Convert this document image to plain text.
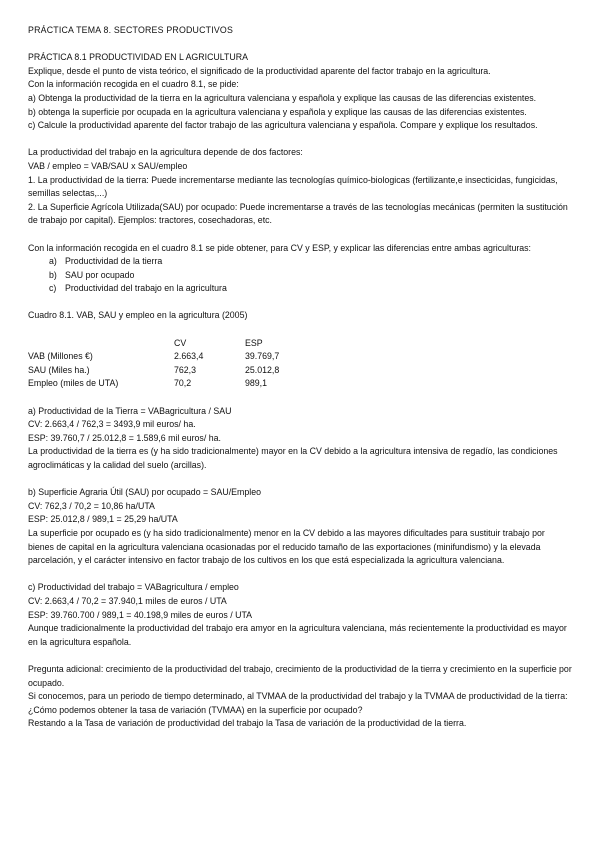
PRÁCTICA TEMA 8. SECTORES PRODUCTIVOS

PRÁCTICA 8.1 PRODUCTIVIDAD EN L AGRICULTURA

Explique, desde el punto de vista teórico, el significado de la productividad aparente del factor trabajo en la agricultura.

Con la información recogida en el cuadro 8.1, se pide:

a) Obtenga la productividad de la tierra en la agricultura valenciana y española y explique las causas de las diferencias existentes.

b) obtenga la superficie por ocupada en la agricultura valenciana y española y explique las causas de las diferencias existentes.

c) Calcule la productividad aparente del factor trabajo de las agricultura valenciana y española. Compare y explique los resultados.

La productividad del trabajo en la agricultura depende de dos factores:

VAB / empleo = VAB/SAU x SAU/empleo

1. La productividad de la tierra: Puede incrementarse mediante las tecnologías químico-biologicas (fertilizante,e insecticidas, fungicidas, semillas selectas,...)

2. La Superficie Agrícola Utilizada(SAU) por ocupado: Puede incrementarse a través de las tecnologías mecánicas (permiten la sustitución de trabajo por capital). Ejemplos: tractores, cosechadoras, etc.

Con la información recogida en el cuadro 8.1 se pide obtener, para CV y ESP, y explicar las diferencias entre ambas agriculturas:

a) Productividad de la tierra
b) SAU por ocupado
c) Productividad del trabajo en la agricultura

Cuadro 8.1. VAB, SAU y empleo en la agricultura (2005)

	CV	ESP
VAB (Millones €)	2.663,4	39.769,7
SAU (Miles ha.)	762,3	25.012,8
Empleo (miles de UTA)	70,2	989,1

a) Productividad de la Tierra = VABagricultura / SAU

CV: 2.663,4 / 762,3 = 3493,9 mil euros/ ha.

ESP: 39.760,7 / 25.012,8 = 1.589,6 mil euros/ ha.

La productividad de la tierra es (y ha sido tradicionalmente) mayor en la CV debido a la agricultura intensiva de regadío, las condiciones agroclimáticas y la calidad del suelo (arcillas).

b) Superficie Agraria Útil (SAU) por ocupado = SAU/Empleo

CV: 762,3 / 70,2 = 10,86 ha/UTA

ESP: 25.012,8 / 989,1 = 25,29 ha/UTA

La superficie por ocupado es (y ha sido tradicionalmente) menor en la CV debido a las mayores dificultades para sustituir trabajo por bienes de capital en la agricultura valenciana ocasionadas por el reducido tamaño de las exportaciones (minifundismo) y la elevada parcelación, y el carácter intensivo en factor trabajo de los cultivos en los que está especializada la agricultura valenciana.

c) Productividad del trabajo = VABagricultura / empleo

CV: 2.663,4 / 70,2 = 37.940,1 miles de euros / UTA

ESP: 39.760.700 / 989,1 = 40.198,9 miles de euros / UTA

Aunque tradicionalmente la productividad del trabajo era amyor en la agricultura valenciana, más recientemente la productividad es mayor en la agricultura española.

Pregunta adicional: crecimiento de la productividad del trabajo, crecimiento de la productividad de la tierra y crecimiento en la superficie por ocupado.

Si conocemos, para un periodo de tiempo determinado, al TVMAA de la productividad del trabajo y la TVMAA de productividad de la tierra: ¿Cómo podemos obtener la tasa de variación (TVMAA) en la superficie por ocupado?

Restando a la Tasa de variación de productividad del trabajo la Tasa de variación de la productividad de la tierra.
